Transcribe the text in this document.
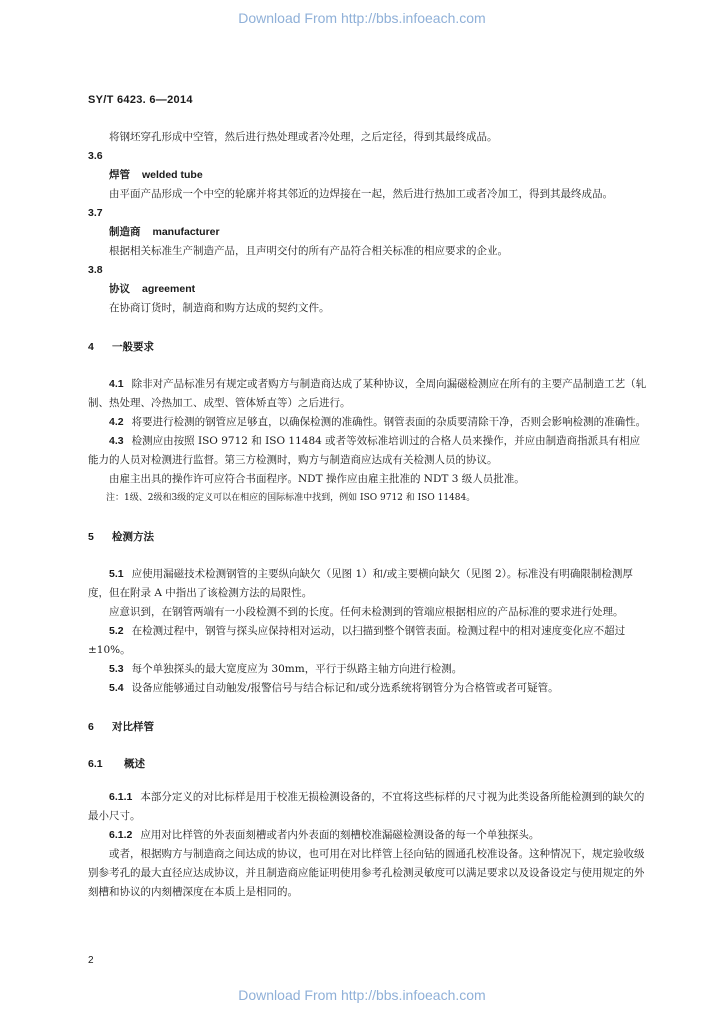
Download From http://bbs.infoeach.com
SY/T 6423. 6—2014

将钢坯穿孔形成中空管，然后进行热处理或者冷处理，之后定径，得到其最终成品。

3.6

焊管 welded tube

由平面产品形成一个中空的轮廓并将其邻近的边焊接在一起，然后进行热加工或者冷加工，得到其最终成品。

3.7

制造商 manufacturer

根据相关标准生产制造产品，且声明交付的所有产品符合相关标准的相应要求的企业。

3.8

协议 agreement

在协商订货时，制造商和购方达成的契约文件。

4 一般要求

4.1 除非对产品标准另有规定或者购方与制造商达成了某种协议，全周向漏磁检测应在所有的主要产品制造工艺（轧制、热处理、冷热加工、成型、管体矫直等）之后进行。

4.2 将要进行检测的钢管应足够直，以确保检测的准确性。钢管表面的杂质要清除干净，否则会影响检测的准确性。

4.3 检测应由按照 ISO 9712 和 ISO 11484 或者等效标准培训过的合格人员来操作，并应由制造商指派具有相应能力的人员对检测进行监督。第三方检测时，购方与制造商应达成有关检测人员的协议。

由雇主出具的操作许可应符合书面程序。NDT 操作应由雇主批准的 NDT 3 级人员批准。

注：1级、2级和3级的定义可以在相应的国际标准中找到，例如 ISO 9712 和 ISO 11484。

5 检测方法

5.1 应使用漏磁技术检测钢管的主要纵向缺欠（见图 1）和/或主要横向缺欠（见图 2）。标准没有明确限制检测厚度，但在附录 A 中指出了该检测方法的局限性。

应意识到，在钢管两端有一小段检测不到的长度。任何未检测到的管端应根据相应的产品标准的要求进行处理。

5.2 在检测过程中，钢管与探头应保持相对运动，以扫描到整个钢管表面。检测过程中的相对速度变化应不超过 ±10%。

5.3 每个单独探头的最大宽度应为 30mm，平行于纵路主轴方向进行检测。

5.4 设备应能够通过自动触发/报警信号与结合标记和/或分选系统将钢管分为合格管或者可疑管。

6 对比样管

6.1 概述

6.1.1 本部分定义的对比标样是用于校准无损检测设备的，不宜将这些标样的尺寸视为此类设备所能检测到的缺欠的最小尺寸。

6.1.2 应用对比样管的外表面刻槽或者内外表面的刻槽校准漏磁检测设备的每一个单独探头。

或者，根据购方与制造商之间达成的协议，也可用在对比样管上径向钻的圆通孔校准设备。这种情况下，规定验收级别参考孔的最大直径应达成协议，并且制造商应能证明使用参考孔检测灵敏度可以满足要求以及设备设定与使用规定的外刻槽和协议的内刻槽深度在本质上是相同的。

2
Download From http://bbs.infoeach.com
